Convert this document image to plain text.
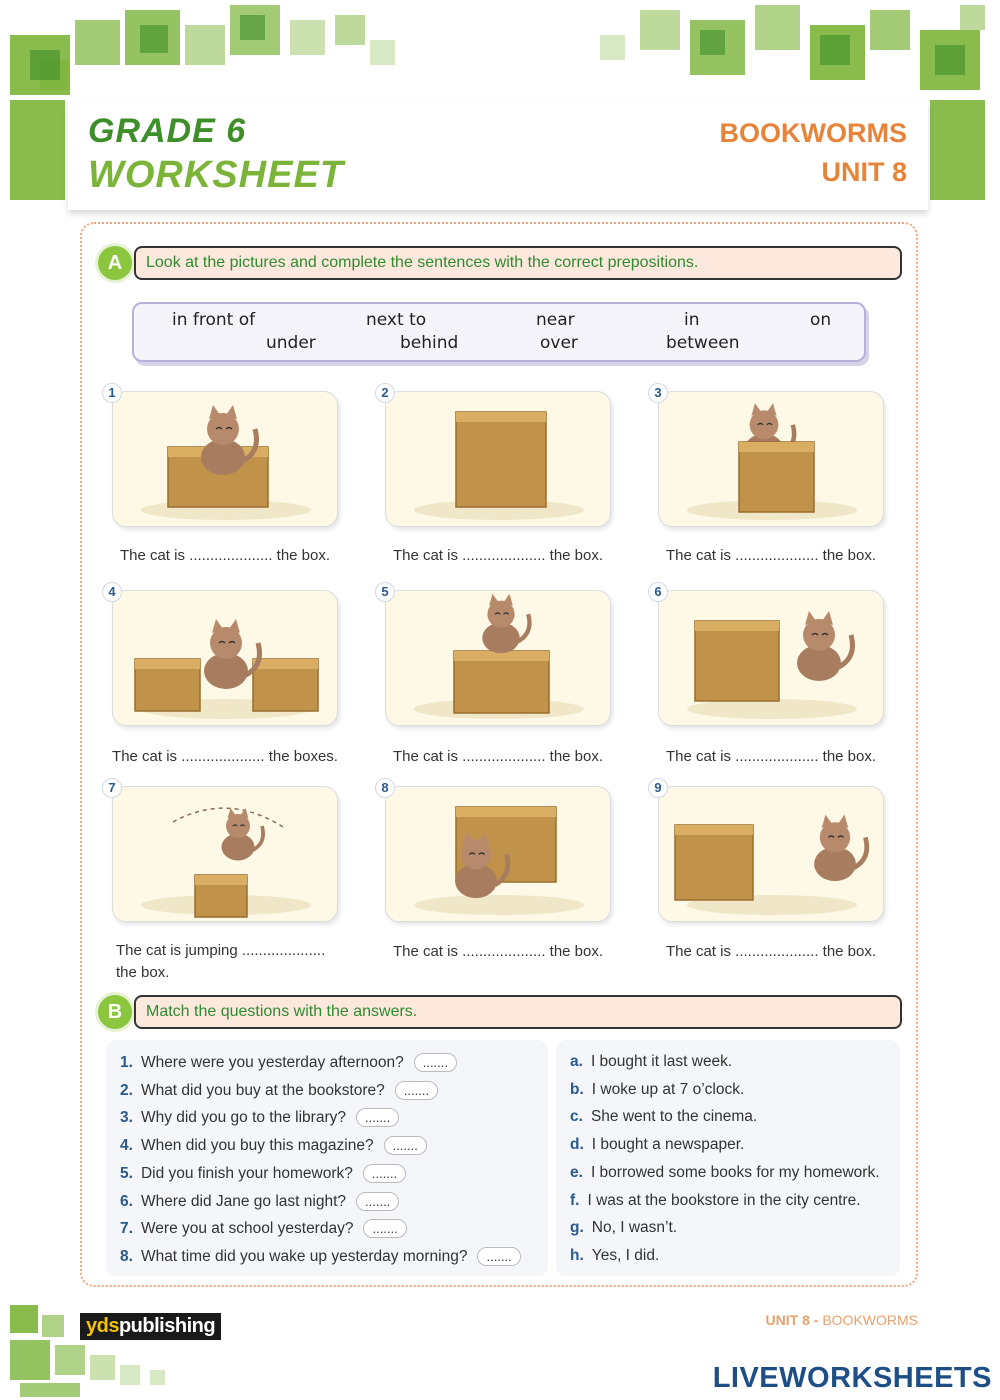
GRADE 6
WORKSHEET
BOOKWORMS
UNIT 8
A	Look at the pictures and complete the sentences with the correct prepositions.
in front of	next to	near	in	on
under	behind	over	between
1
The cat is .................... the box.
2
The cat is .................... the box.
3
The cat is .................... the box.
4
The cat is .................... the boxes.
5
The cat is .................... the box.
6
The cat is .................... the box.
7
The cat is jumping ....................
the box.
8
The cat is .................... the box.
9
The cat is .................... the box.
B	Match the questions with the answers.
1. Where were you yesterday afternoon? .......
2. What did you buy at the bookstore? .......
3. Why did you go to the library? .......
4. When did you buy this magazine? .......
5. Did you finish your homework? .......
6. Where did Jane go last night? .......
7. Were you at school yesterday? .......
8. What time did you wake up yesterday morning? .......
a. I bought it last week.
b. I woke up at 7 o’clock.
c. She went to the cinema.
d. I bought a newspaper.
e. I borrowed some books for my homework.
f. I was at the bookstore in the city centre.
g. No, I wasn’t.
h. Yes, I did.
ydspublishing	UNIT 8 - BOOKWORMS
LIVEWORKSHEETS
